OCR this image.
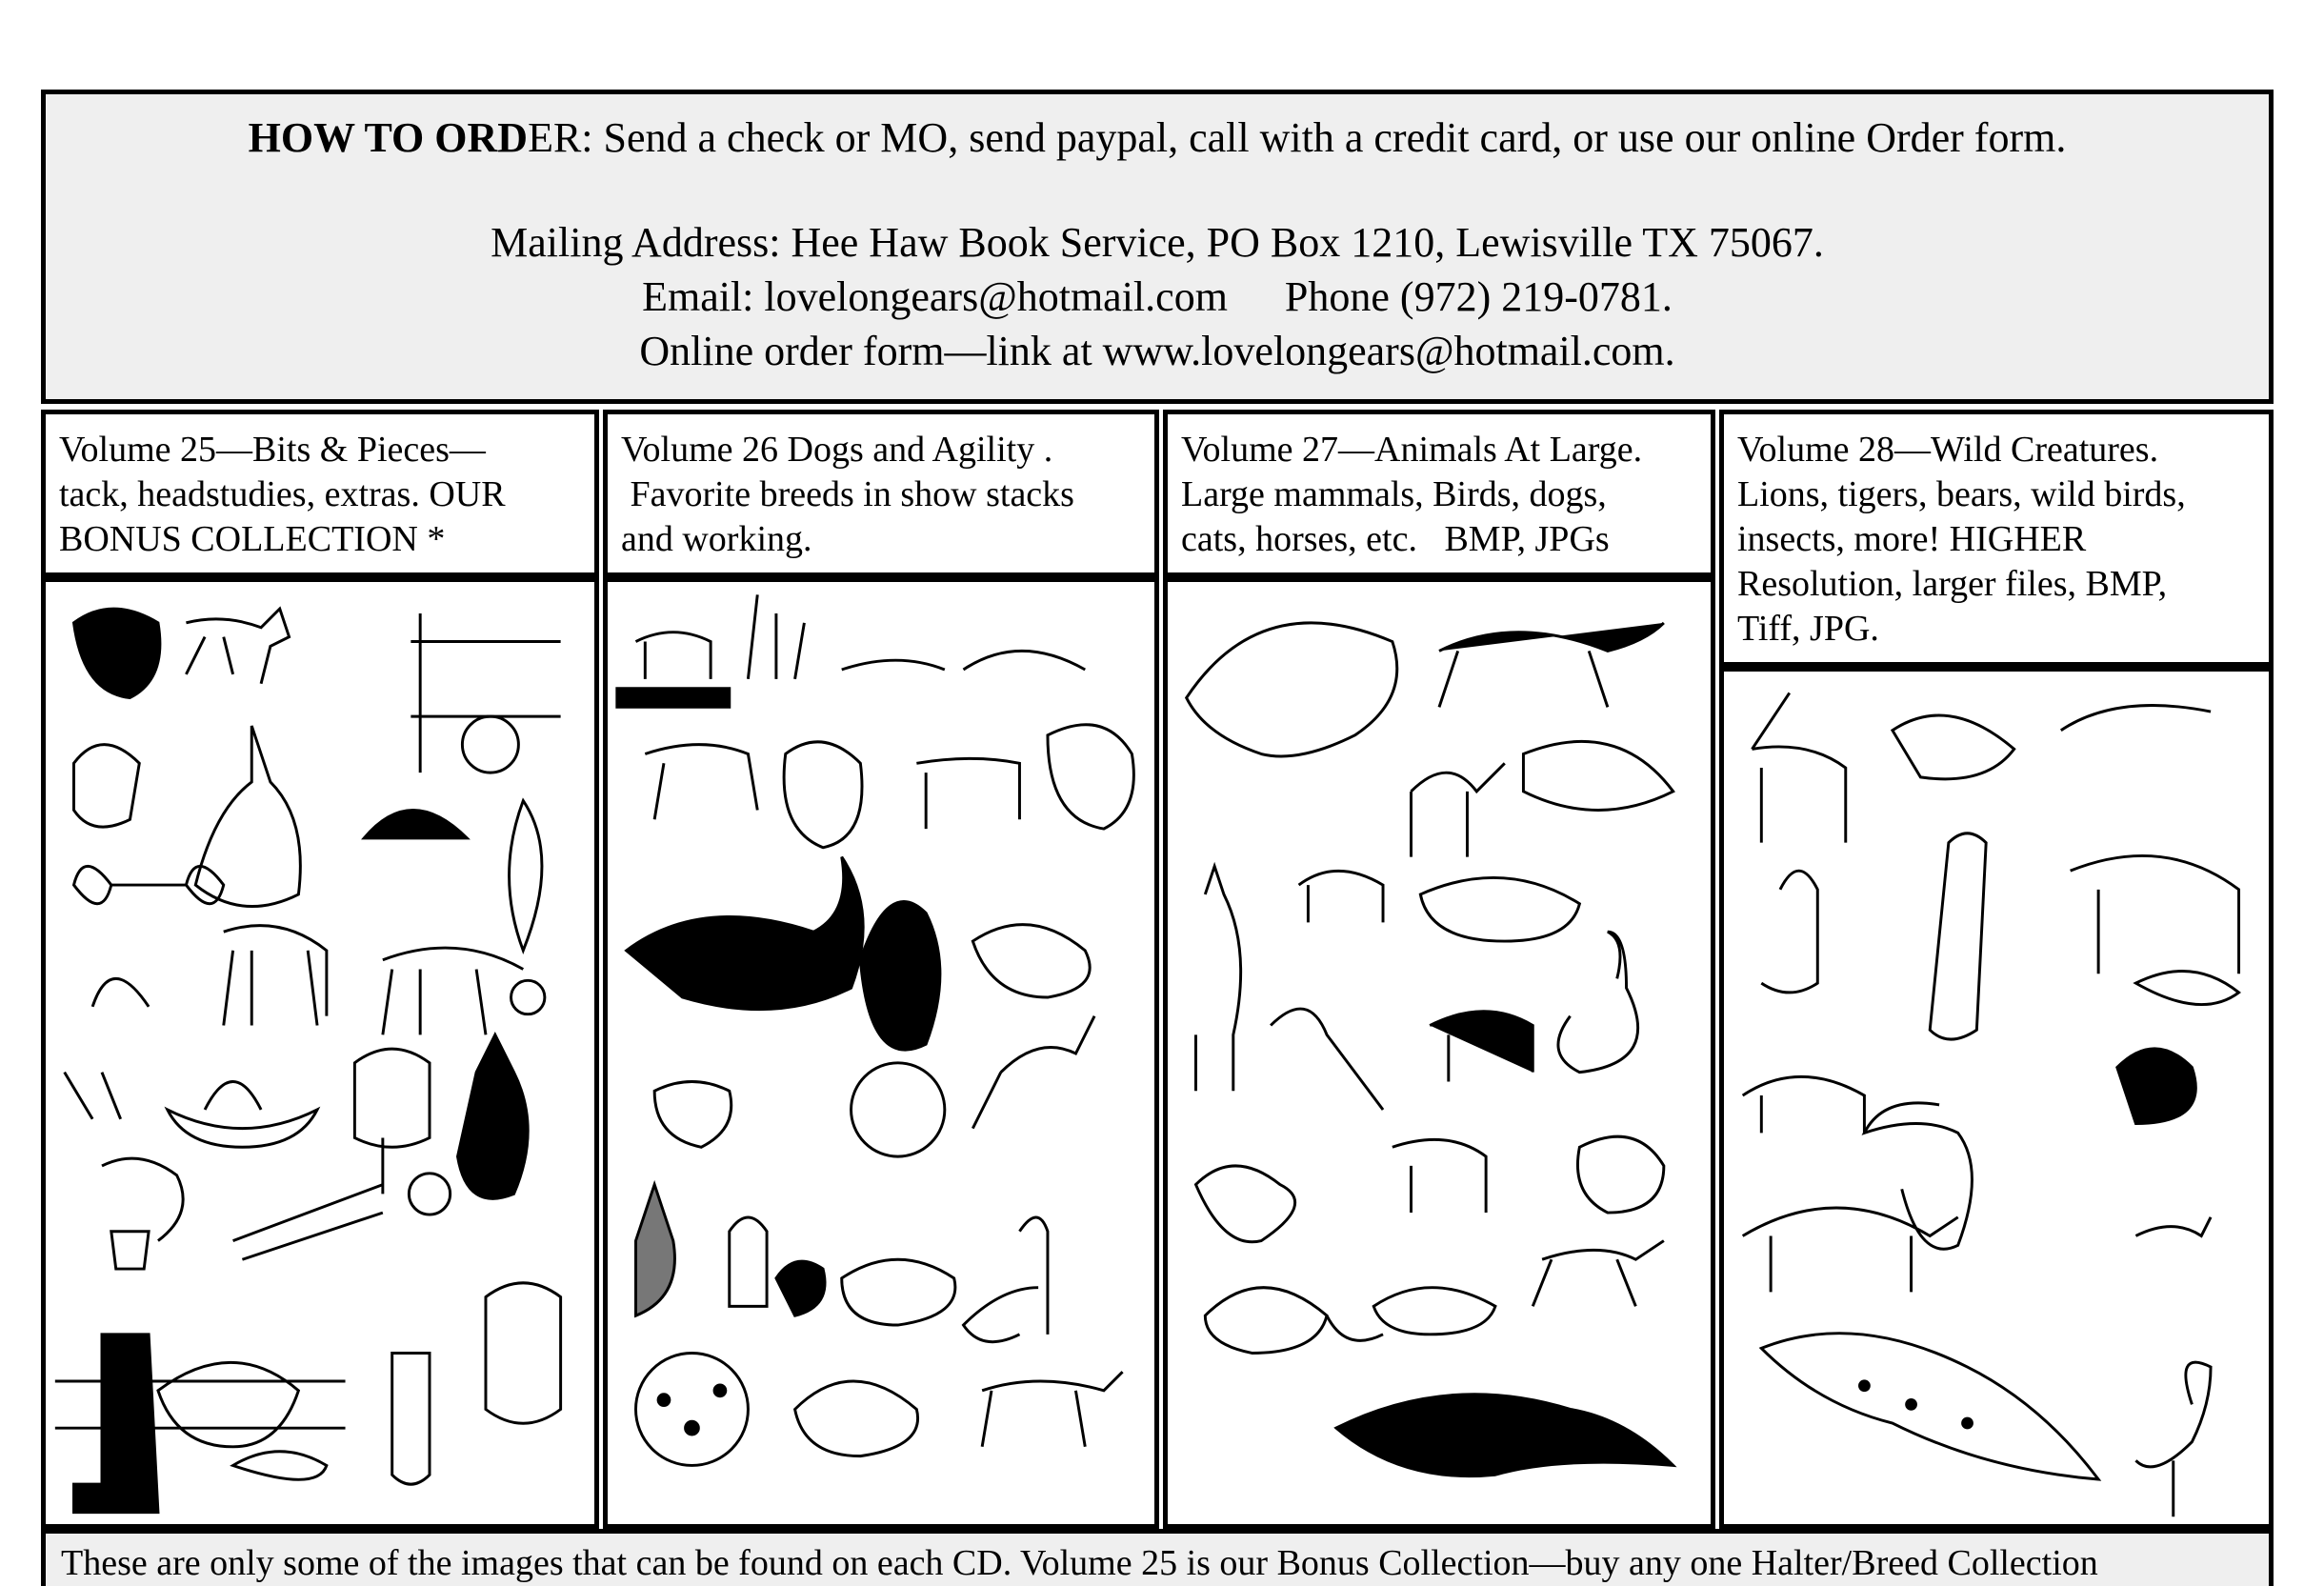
HOW TO ORDER: Send a check or MO, send paypal, call with a credit card, or use our online Order form.
Mailing Address: Hee Haw Book Service, PO Box 1210, Lewisville TX 75067.
Email: lovelongears@hotmail.com Phone (972) 219-0781.
Online order form—link at www.lovelongears@hotmail.com.
Volume 25—Bits & Pieces—
tack, headstudies, extras. OUR
BONUS COLLECTION *
Volume 26 Dogs and Agility .
Favorite breeds in show stacks
and working.
Volume 27—Animals At Large.
Large mammals, Birds, dogs,
cats, horses, etc.   BMP, JPGs
Volume 28—Wild Creatures.
Lions, tigers, bears, wild birds,
insects, more! HIGHER
Resolution, larger files, BMP,
Tiff, JPG.
These are only some of the images that can be found on each CD. Volume 25 is our Bonus Collection—buy any one Halter/Breed Collection
